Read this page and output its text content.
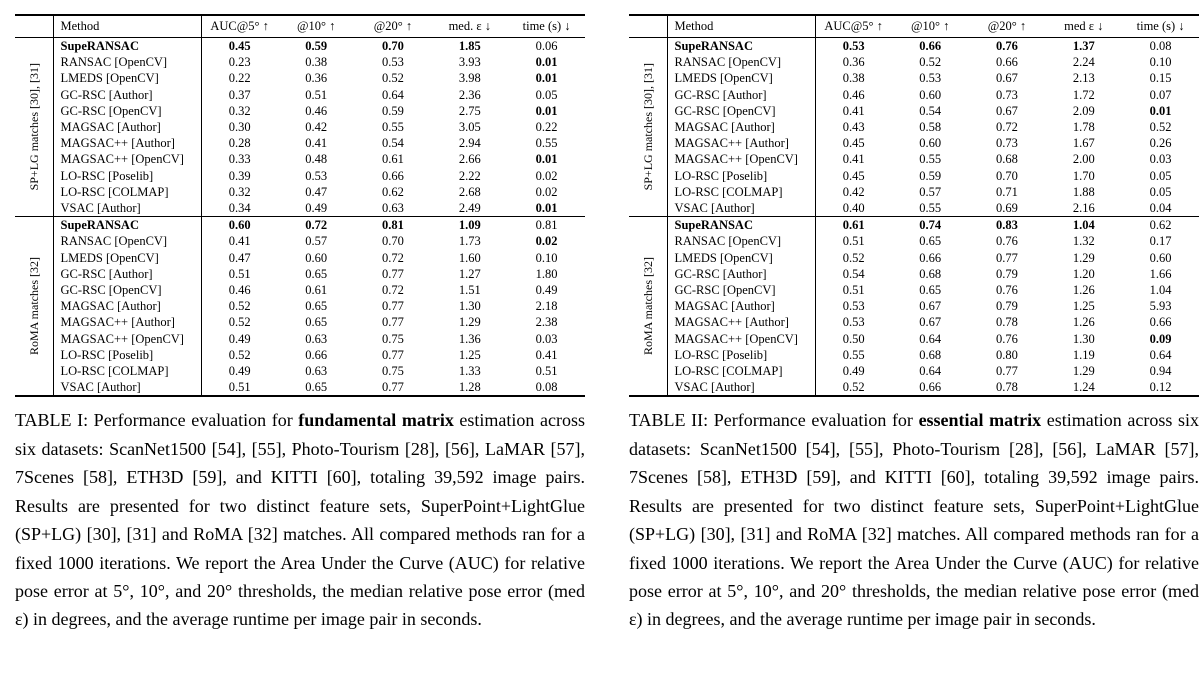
	Method	AUC@5° ↑	@10° ↑	@20° ↑	med. ε ↓	time (s) ↓

SP+LG matches [30], [31]	SupeRANSAC	0.45	0.59	0.70	1.85	0.06
	RANSAC [OpenCV]	0.23	0.38	0.53	3.93	0.01
	LMEDS [OpenCV]	0.22	0.36	0.52	3.98	0.01
	GC-RSC [Author]	0.37	0.51	0.64	2.36	0.05
	GC-RSC [OpenCV]	0.32	0.46	0.59	2.75	0.01
	MAGSAC [Author]	0.30	0.42	0.55	3.05	0.22
	MAGSAC++ [Author]	0.28	0.41	0.54	2.94	0.55
	MAGSAC++ [OpenCV]	0.33	0.48	0.61	2.66	0.01
	LO-RSC [Poselib]	0.39	0.53	0.66	2.22	0.02
	LO-RSC [COLMAP]	0.32	0.47	0.62	2.68	0.02
	VSAC [Author]	0.34	0.49	0.63	2.49	0.01

RoMA matches [32]	SupeRANSAC	0.60	0.72	0.81	1.09	0.81
	RANSAC [OpenCV]	0.41	0.57	0.70	1.73	0.02
	LMEDS [OpenCV]	0.47	0.60	0.72	1.60	0.10
	GC-RSC [Author]	0.51	0.65	0.77	1.27	1.80
	GC-RSC [OpenCV]	0.46	0.61	0.72	1.51	0.49
	MAGSAC [Author]	0.52	0.65	0.77	1.30	2.18
	MAGSAC++ [Author]	0.52	0.65	0.77	1.29	2.38
	MAGSAC++ [OpenCV]	0.49	0.63	0.75	1.36	0.03
	LO-RSC [Poselib]	0.52	0.66	0.77	1.25	0.41
	LO-RSC [COLMAP]	0.49	0.63	0.75	1.33	0.51
	VSAC [Author]	0.51	0.65	0.77	1.28	0.08

TABLE I: Performance evaluation for fundamental matrix estimation across six datasets: ScanNet1500 [54], [55], Photo-Tourism [28], [56], LaMAR [57], 7Scenes [58], ETH3D [59], and KITTI [60], totaling 39,592 image pairs. Results are presented for two distinct feature sets, SuperPoint+LightGlue (SP+LG) [30], [31] and RoMA [32] matches. All compared methods ran for a fixed 1000 iterations. We report the Area Under the Curve (AUC) for relative pose error at 5°, 10°, and 20° thresholds, the median relative pose error (med ε) in degrees, and the average runtime per image pair in seconds.

	Method	AUC@5° ↑	@10° ↑	@20° ↑	med ε ↓	time (s) ↓

SP+LG matches [30], [31]	SupeRANSAC	0.53	0.66	0.76	1.37	0.08
	RANSAC [OpenCV]	0.36	0.52	0.66	2.24	0.10
	LMEDS [OpenCV]	0.38	0.53	0.67	2.13	0.15
	GC-RSC [Author]	0.46	0.60	0.73	1.72	0.07
	GC-RSC [OpenCV]	0.41	0.54	0.67	2.09	0.01
	MAGSAC [Author]	0.43	0.58	0.72	1.78	0.52
	MAGSAC++ [Author]	0.45	0.60	0.73	1.67	0.26
	MAGSAC++ [OpenCV]	0.41	0.55	0.68	2.00	0.03
	LO-RSC [Poselib]	0.45	0.59	0.70	1.70	0.05
	LO-RSC [COLMAP]	0.42	0.57	0.71	1.88	0.05
	VSAC [Author]	0.40	0.55	0.69	2.16	0.04

RoMA matches [32]	SupeRANSAC	0.61	0.74	0.83	1.04	0.62
	RANSAC [OpenCV]	0.51	0.65	0.76	1.32	0.17
	LMEDS [OpenCV]	0.52	0.66	0.77	1.29	0.60
	GC-RSC [Author]	0.54	0.68	0.79	1.20	1.66
	GC-RSC [OpenCV]	0.51	0.65	0.76	1.26	1.04
	MAGSAC [Author]	0.53	0.67	0.79	1.25	5.93
	MAGSAC++ [Author]	0.53	0.67	0.78	1.26	0.66
	MAGSAC++ [OpenCV]	0.50	0.64	0.76	1.30	0.09
	LO-RSC [Poselib]	0.55	0.68	0.80	1.19	0.64
	LO-RSC [COLMAP]	0.49	0.64	0.77	1.29	0.94
	VSAC [Author]	0.52	0.66	0.78	1.24	0.12

TABLE II: Performance evaluation for essential matrix estimation across six datasets: ScanNet1500 [54], [55], Photo-Tourism [28], [56], LaMAR [57], 7Scenes [58], ETH3D [59], and KITTI [60], totaling 39,592 image pairs. Results are presented for two distinct feature sets, SuperPoint+LightGlue (SP+LG) [30], [31] and RoMA [32] matches. All compared methods ran for a fixed 1000 iterations. We report the Area Under the Curve (AUC) for relative pose error at 5°, 10°, and 20° thresholds, the median relative pose error (med ε) in degrees, and the average runtime per image pair in seconds.
